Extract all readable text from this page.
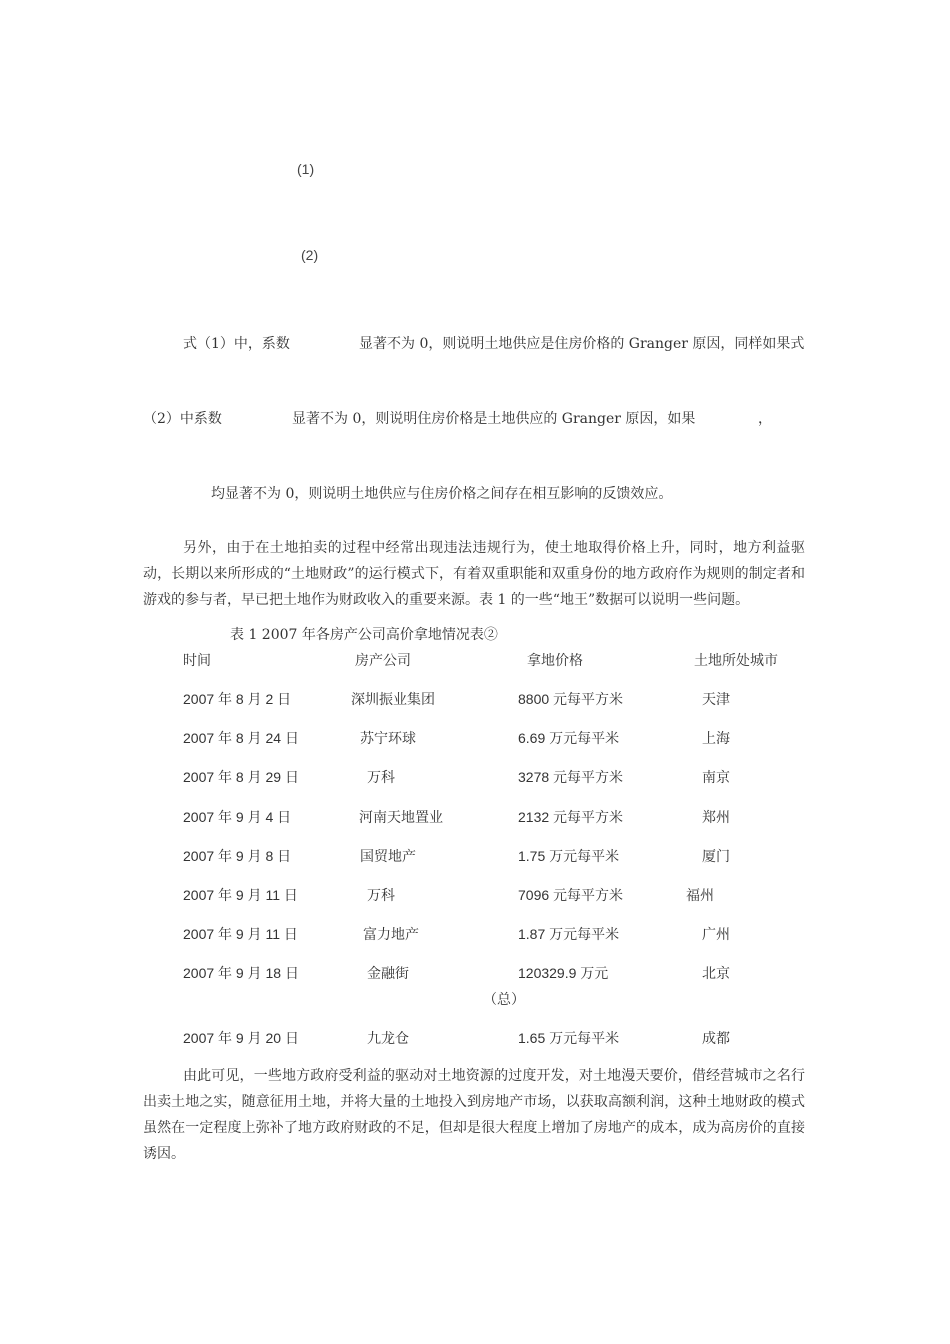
(1)
(2)
式（1）中，系数	显著不为 0，则说明土地供应是住房价格的 Granger 原因，同样如果式
（2）中系数	显著不为 0，则说明住房价格是土地供应的 Granger 原因，如果	，
均显著不为 0，则说明土地供应与住房价格之间存在相互影响的反馈效应。

另外，由于在土地拍卖的过程中经常出现违法违规行为，使土地取得价格上升，同时，地方利益驱动，长期以来所形成的“土地财政”的运行模式下，有着双重职能和双重身份的地方政府作为规则的制定者和游戏的参与者，早已把土地作为财政收入的重要来源。表 1 的一些“地王”数据可以说明一些问题。

表 1 2007 年各房产公司高价拿地情况表②
时间	房产公司	拿地价格	土地所处城市
2007 年 8 月 2 日	深圳振业集团	8800 元每平方米	天津
2007 年 8 月 24 日	苏宁环球	6.69 万元每平米	上海
2007 年 8 月 29 日	万科	3278 元每平方米	南京
2007 年 9 月 4 日	河南天地置业	2132 元每平方米	郑州
2007 年 9 月 8 日	国贸地产	1.75 万元每平米	厦门
2007 年 9 月 11 日	万科	7096 元每平方米	福州
2007 年 9 月 11 日	富力地产	1.87 万元每平米	广州
2007 年 9 月 18 日	金融街	120329.9 万元	北京
（总）
2007 年 9 月 20 日	九龙仓	1.65 万元每平米	成都

由此可见，一些地方政府受利益的驱动对土地资源的过度开发，对土地漫天要价，借经营城市之名行出卖土地之实，随意征用土地，并将大量的土地投入到房地产市场，以获取高额利润，这种土地财政的模式虽然在一定程度上弥补了地方政府财政的不足，但却是很大程度上增加了房地产的成本，成为高房价的直接诱因。
